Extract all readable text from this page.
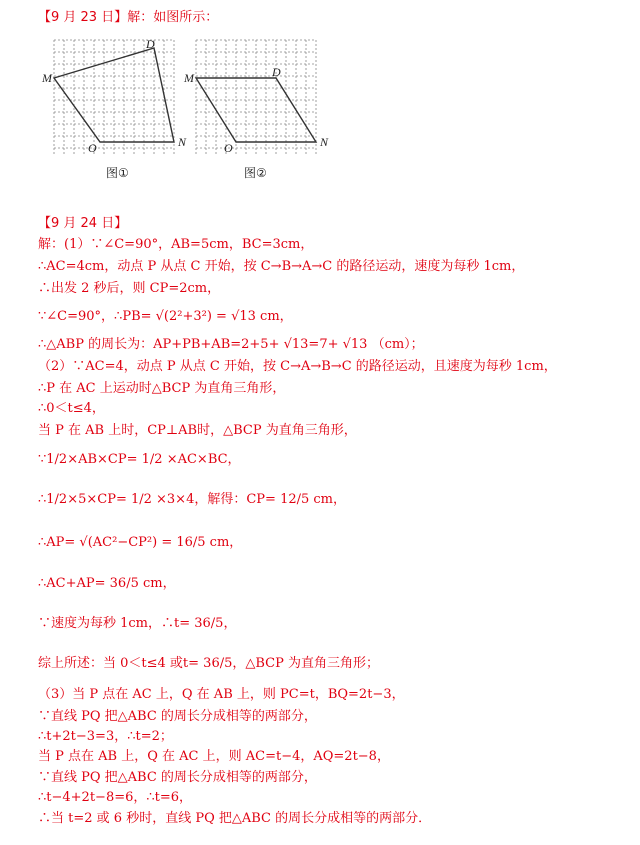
【9 月 23 日】解：如图所示：
M
D
O	N
图①
M	D
O	N
图②
【9 月 24 日】
解：(1）∵∠C=90°，AB=5cm，BC=3cm，
∴AC=4cm，动点 P 从点 C 开始，按 C→B→A→C 的路径运动，速度为每秒 1cm，
∴出发 2 秒后，则 CP=2cm，
∵∠C=90°，∴PB= √(2²+3²) = √13 cm，
∴△ABP 的周长为：AP+PB+AB=2+5+ √13=7+ √13 （cm）；
（2）∵AC=4，动点 P 从点 C 开始，按 C→A→B→C 的路径运动，且速度为每秒 1cm，
∴P 在 AC 上运动时△BCP 为直角三角形，
∴0＜t≤4，
当 P 在 AB 上时，CP⊥AB时，△BCP 为直角三角形，
∵1/2×AB×CP= 1/2 ×AC×BC，
∴1/2×5×CP= 1/2 ×3×4，解得：CP= 12/5 cm，
∴AP= √(AC²−CP²) = 16/5 cm，
∴AC+AP= 36/5 cm，
∵速度为每秒 1cm，∴t= 36/5，
综上所述：当 0＜t≤4 或t= 36/5，△BCP 为直角三角形；
（3）当 P 点在 AC 上，Q 在 AB 上，则 PC=t，BQ=2t−3，
∵直线 PQ 把△ABC 的周长分成相等的两部分，
∴t+2t−3=3，∴t=2；
当 P 点在 AB 上，Q 在 AC 上，则 AC=t−4，AQ=2t−8，
∵直线 PQ 把△ABC 的周长分成相等的两部分，
∴t−4+2t−8=6，∴t=6，
∴当 t=2 或 6 秒时，直线 PQ 把△ABC 的周长分成相等的两部分．
